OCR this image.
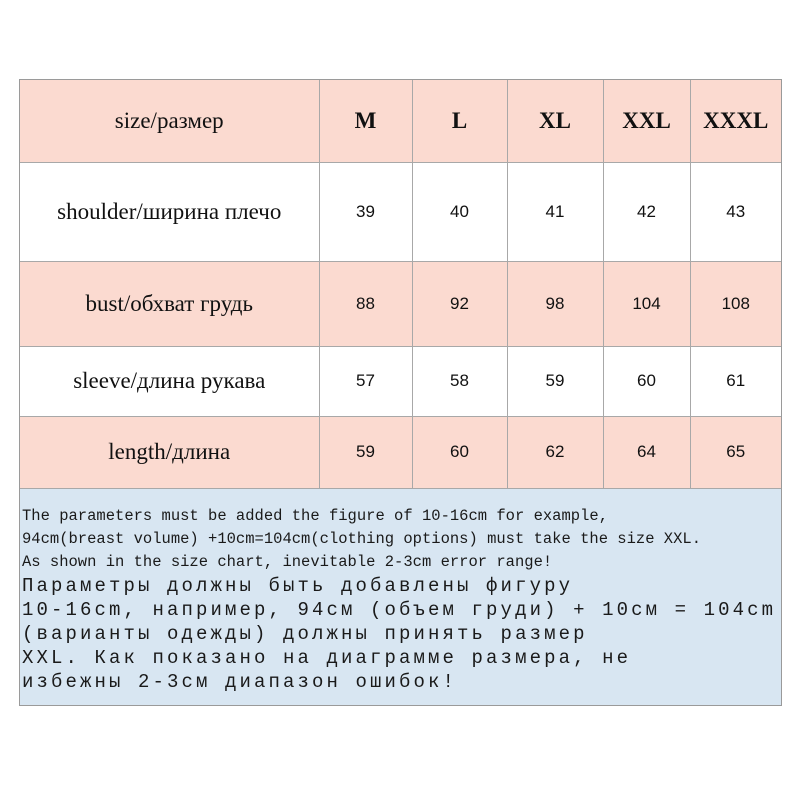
size/размер	M	L	XL	XXL	XXXL
shoulder/ширина плечо	39	40	41	42	43
bust/обхват грудь	88	92	98	104	108
sleeve/длина рукава	57	58	59	60	61
length/длина	59	60	62	64	65

The parameters must be added the figure of 10-16cm for example,
94cm(breast volume) +10cm=104cm(clothing options) must take the size XXL.
As shown in the size chart, inevitable 2-3cm error range!

Параметры должны быть добавлены фигуру
10-16cm, например, 94см (объем груди) + 10см = 104cm
(варианты одежды) должны принять размер
XXL. Как показано на диаграмме размера, не
избежны 2-3см диапазон ошибок!
